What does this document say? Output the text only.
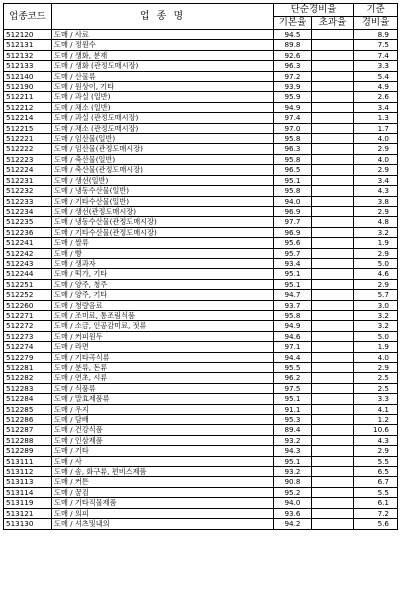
업종코드	업 종 명	단순경비율		기준
		기본율	초과율	경비율
512120	도매 / 사료	94.5		8.9
512131	도매 / 정원수	89.8		7.5
512132	도매 / 생화, 분재	92.6		7.4
512133	도매 / 생화 (관정도매시장)	96.3		3.3
512140	도매 / 산물류	97.2		5.4
512190	도매 / 원상이, 기타	93.9		4.9
512211	도매 / 과실 (일반)	95.9		2.6
512212	도매 / 채소 (일반)	94.9		3.4
512214	도매 / 과실 (관정도매시장)	97.4		1.3
512215	도매 / 채소 (관정도매시장)	97.0		1.7
512221	도매 / 임산물(일반)	95.8		4.0
512222	도매 / 임산물(관정도매시장)	96.3		2.9
512223	도매 / 축산물(일반)	95.8		4.0
512224	도매 / 축산물(관정도매시장)	96.5		2.9
512231	도매 / 생선(일반)	95.1		3.4
512232	도매 / 냉동수산물(일반)	95.8		4.3
512233	도매 / 기타수산물(일반)	94.0		3.8
512234	도매 / 생선(관정도매시장)	96.9		2.9
512235	도매 / 냉동수산물(관정도매시장)	97.7		4.8
512236	도매 / 기타수산물(관정도매시장)	96.9		3.2
512241	도매 / 쌀류	95.6		1.9
512242	도매 / 빵	95.7		2.9
512243	도매 / 생과자	93.4		5.0
512244	도매 / 떡가, 기타	95.1		4.6
512251	도매 / 양주, 청주	95.1		2.9
512252	도매 / 양주, 기타	94.7		5.7
512260	도매 / 청량음료	93.7		3.0
512271	도매 / 조미료, 통조림식품	95.8		3.2
512272	도매 / 소금, 인공감미료, 젓류	94.9		3.2
512273	도매 / 커피원두	94.6		5.0
512274	도매 / 라면	97.1		1.9
512279	도매 / 기타곡식류	94.4		4.0
512281	도매 / 분류, 돈류	95.5		2.9
512282	도매 / 연초, 시류	96.2		2.5
512283	도매 / 식품류	97.5		2.5
512284	도매 / 말효제품류	95.1		3.3
512285	도매 / 우지	91.1		4.1
512286	도매 / 담배	95.3		1.2
512287	도매 / 건강식품	89.4		10.6
512288	도매 / 인삼제품	93.2		4.3
512289	도매 / 기타	94.3		2.9
513111	도매 / 사	95.1		5.5
513112	도매 / 솜, 화구류, 편비스제품	93.2		6.5
513113	도매 / 커튼	90.8		6.7
513114	도매 / 꿈검	95.2		5.5
513119	도매 / 기타직물제품	94.0		6.1
513121	도매 / 의피	93.6		7.2
513130	도매 / 셔츠및내의	94.2		5.6
